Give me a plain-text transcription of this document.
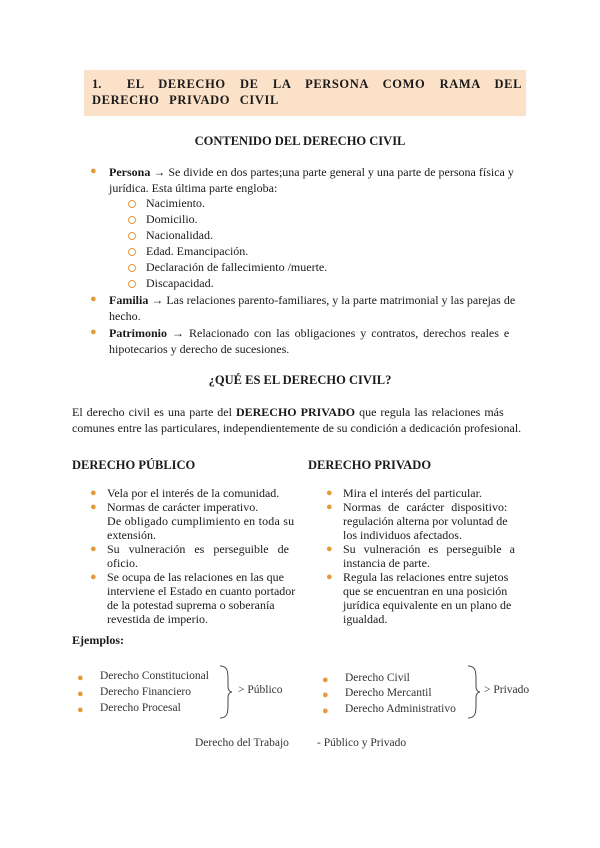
1. EL DERECHO DE LA PERSONA COMO RAMA DEL DERECHO PRIVADO CIVIL
CONTENIDO DEL DERECHO CIVIL
● Persona → Se divide en dos partes;una parte general y una parte de persona física y
jurídica. Esta última parte engloba:
Nacimiento.
Domicilio.
Nacionalidad.
Edad. Emancipación.
Declaración de fallecimiento /muerte.
Discapacidad.
● Familia → Las relaciones parento-familiares, y la parte matrimonial y las parejas de
hecho.
● Patrimonio → Relacionado con las obligaciones y contratos, derechos reales e
hipotecarios y derecho de sucesiones.
¿QUÉ ES EL DERECHO CIVIL?
El derecho civil es una parte del DERECHO PRIVADO que regula las relaciones más
comunes entre las particulares, independientemente de su condición a dedicación profesional.
DERECHO PÚBLICO	DERECHO PRIVADO
● Vela por el interés de la comunidad.
● Normas de carácter imperativo.
De obligado cumplimiento en toda su
extensión.
● Su vulneración es perseguible de
oficio.
● Se ocupa de las relaciones en las que
interviene el Estado en cuanto portador
de la potestad suprema o soberanía
revestida de imperio.
● Mira el interés del particular.
● Normas de carácter dispositivo:
regulación alterna por voluntad de
los individuos afectados.
● Su vulneración es perseguible a
instancia de parte.
● Regula las relaciones entre sujetos
que se encuentran en una posición
jurídica equivalente en un plano de
igualdad.
Ejemplos:
● Derecho Constitucional
● Derecho Financiero
● Derecho Procesal
> Público
● Derecho Civil
● Derecho Mercantil
● Derecho Administrativo
> Privado
Derecho del Trabajo - Público y Privado
